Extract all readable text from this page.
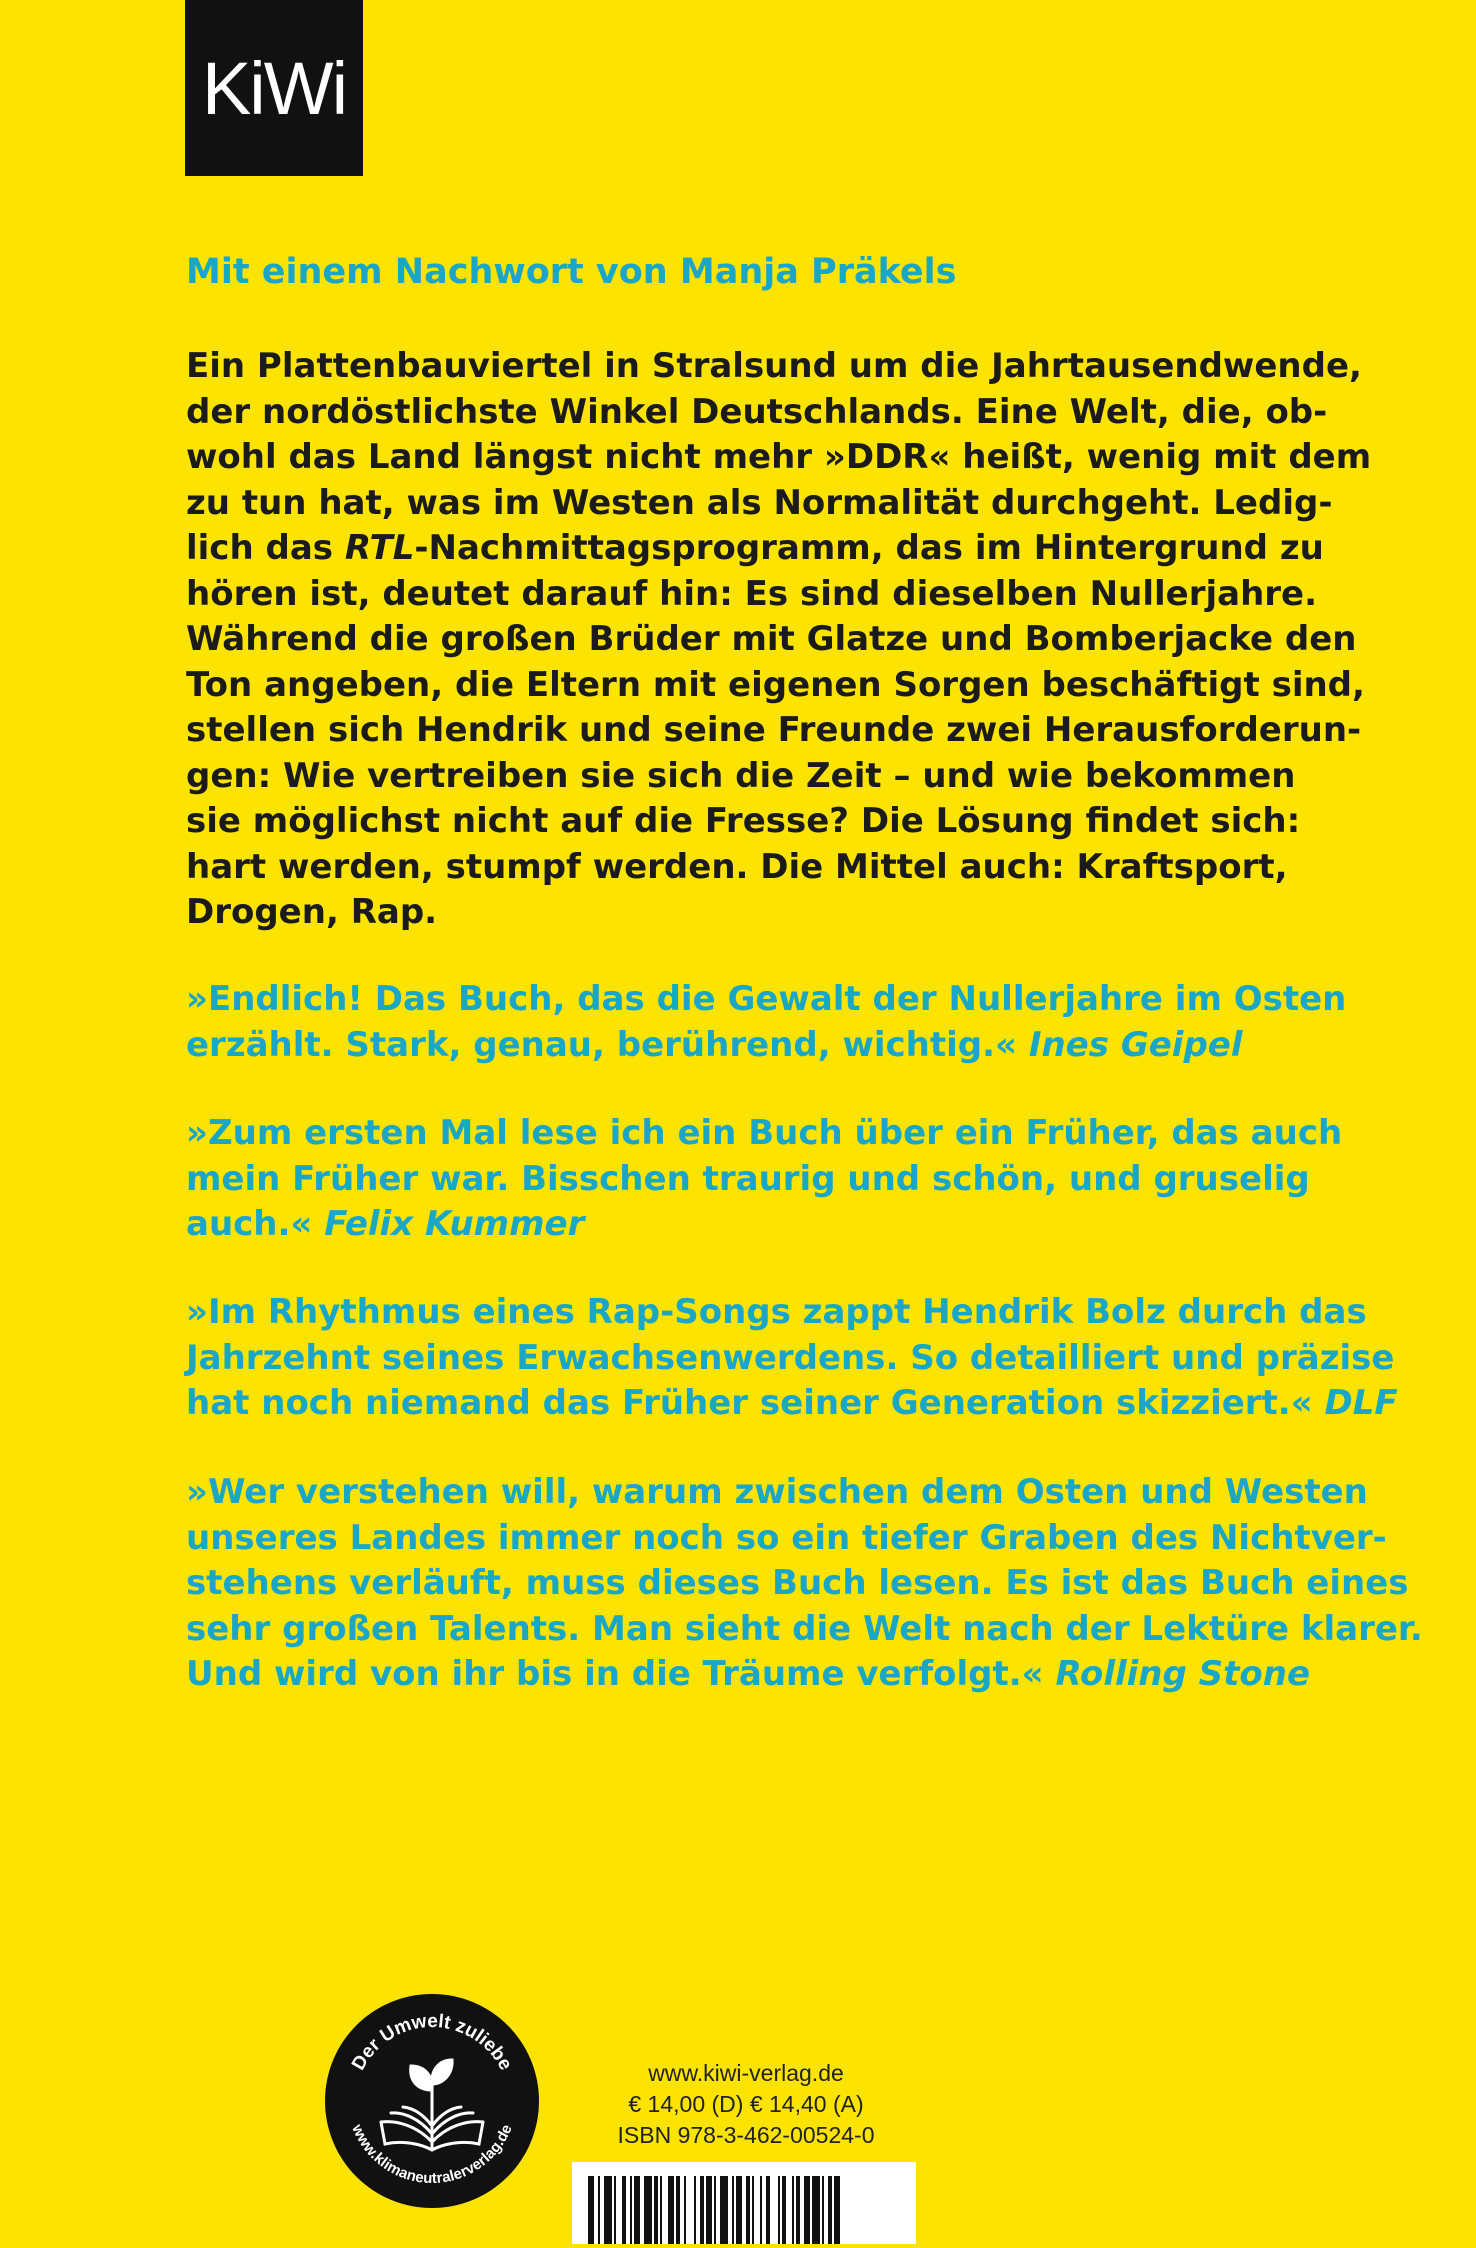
KiWi

Mit einem Nachwort von Manja Präkels

Ein Plattenbauviertel in Stralsund um die Jahrtausendwende,
der nordöstlichste Winkel Deutschlands. Eine Welt, die, ob-
wohl das Land längst nicht mehr »DDR« heißt, wenig mit dem
zu tun hat, was im Westen als Normalität durchgeht. Ledig-
lich das RTL-Nachmittagsprogramm, das im Hintergrund zu
hören ist, deutet darauf hin: Es sind dieselben Nullerjahre.
Während die großen Brüder mit Glatze und Bomberjacke den
Ton angeben, die Eltern mit eigenen Sorgen beschäftigt sind,
stellen sich Hendrik und seine Freunde zwei Herausforderun-
gen: Wie vertreiben sie sich die Zeit – und wie bekommen
sie möglichst nicht auf die Fresse? Die Lösung findet sich:
hart werden, stumpf werden. Die Mittel auch: Kraftsport,
Drogen, Rap.
»Endlich! Das Buch, das die Gewalt der Nullerjahre im Osten
erzählt. Stark, genau, berührend, wichtig.« Ines Geipel
»Zum ersten Mal lese ich ein Buch über ein Früher, das auch
mein Früher war. Bisschen traurig und schön, und gruselig
auch.« Felix Kummer
»Im Rhythmus eines Rap-Songs zappt Hendrik Bolz durch das
Jahrzehnt seines Erwachsenwerdens. So detailliert und präzise
hat noch niemand das Früher seiner Generation skizziert.« DLF
»Wer verstehen will, warum zwischen dem Osten und Westen
unseres Landes immer noch so ein tiefer Graben des Nichtver-
stehens verläuft, muss dieses Buch lesen. Es ist das Buch eines
sehr großen Talents. Man sieht die Welt nach der Lektüre klarer.
Und wird von ihr bis in die Träume verfolgt.« Rolling Stone
Der Umwelt zuliebe
www.klimaneutralerverlag.de
www.kiwi-verlag.de
€ 14,00 (D) € 14,40 (A)
ISBN 978-3-462-00524-0
